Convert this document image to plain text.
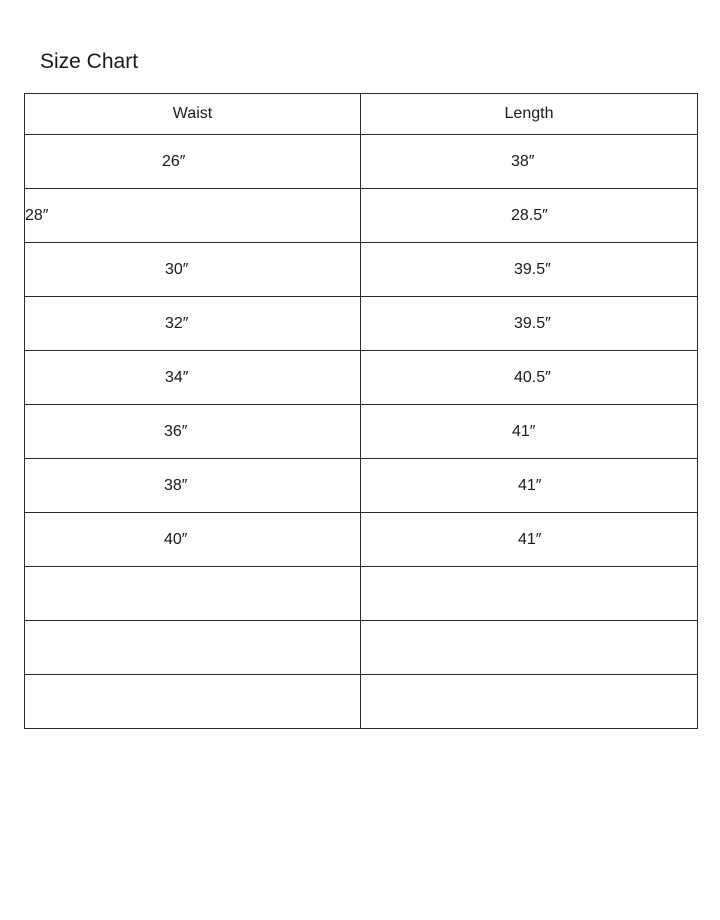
Size Chart
Waist	Length
26″	38″
28″	28.5″
30″	39.5″
32″	39.5″
34″	40.5″
36″	41″
38″	41″
40″	41″
